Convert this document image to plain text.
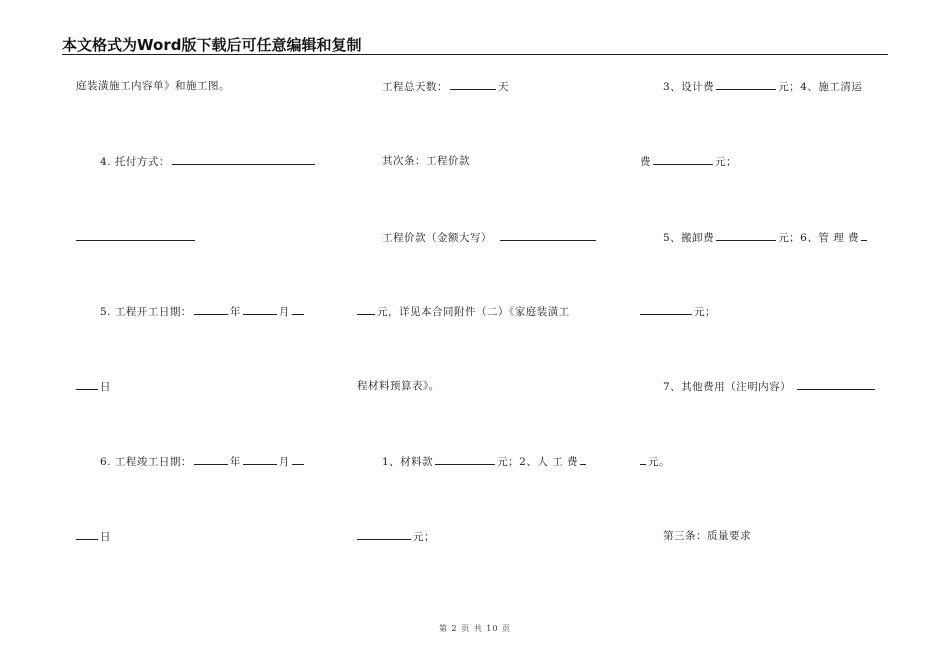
本文格式为Word版下载后可任意编辑和复制
庭装潢施工内容单》和施工图。
4. 托付方式：
5. 工程开工日期：	年	月
日
6. 工程竣工日期：	年	月
日
工程总天数：	天
其次条：工程价款
工程价款（金额大写）
元，详见本合同附件（二）《家庭装潢工
程材料预算表》。
1、材料款	元；2、人 工 费
元；
3、设计费	元；4、施工清运
费	元；
5、搬卸费	元；6、管 理 费
元；
7、其他费用（注明内容）
元。
第三条：质量要求
第 2 页 共 10 页
